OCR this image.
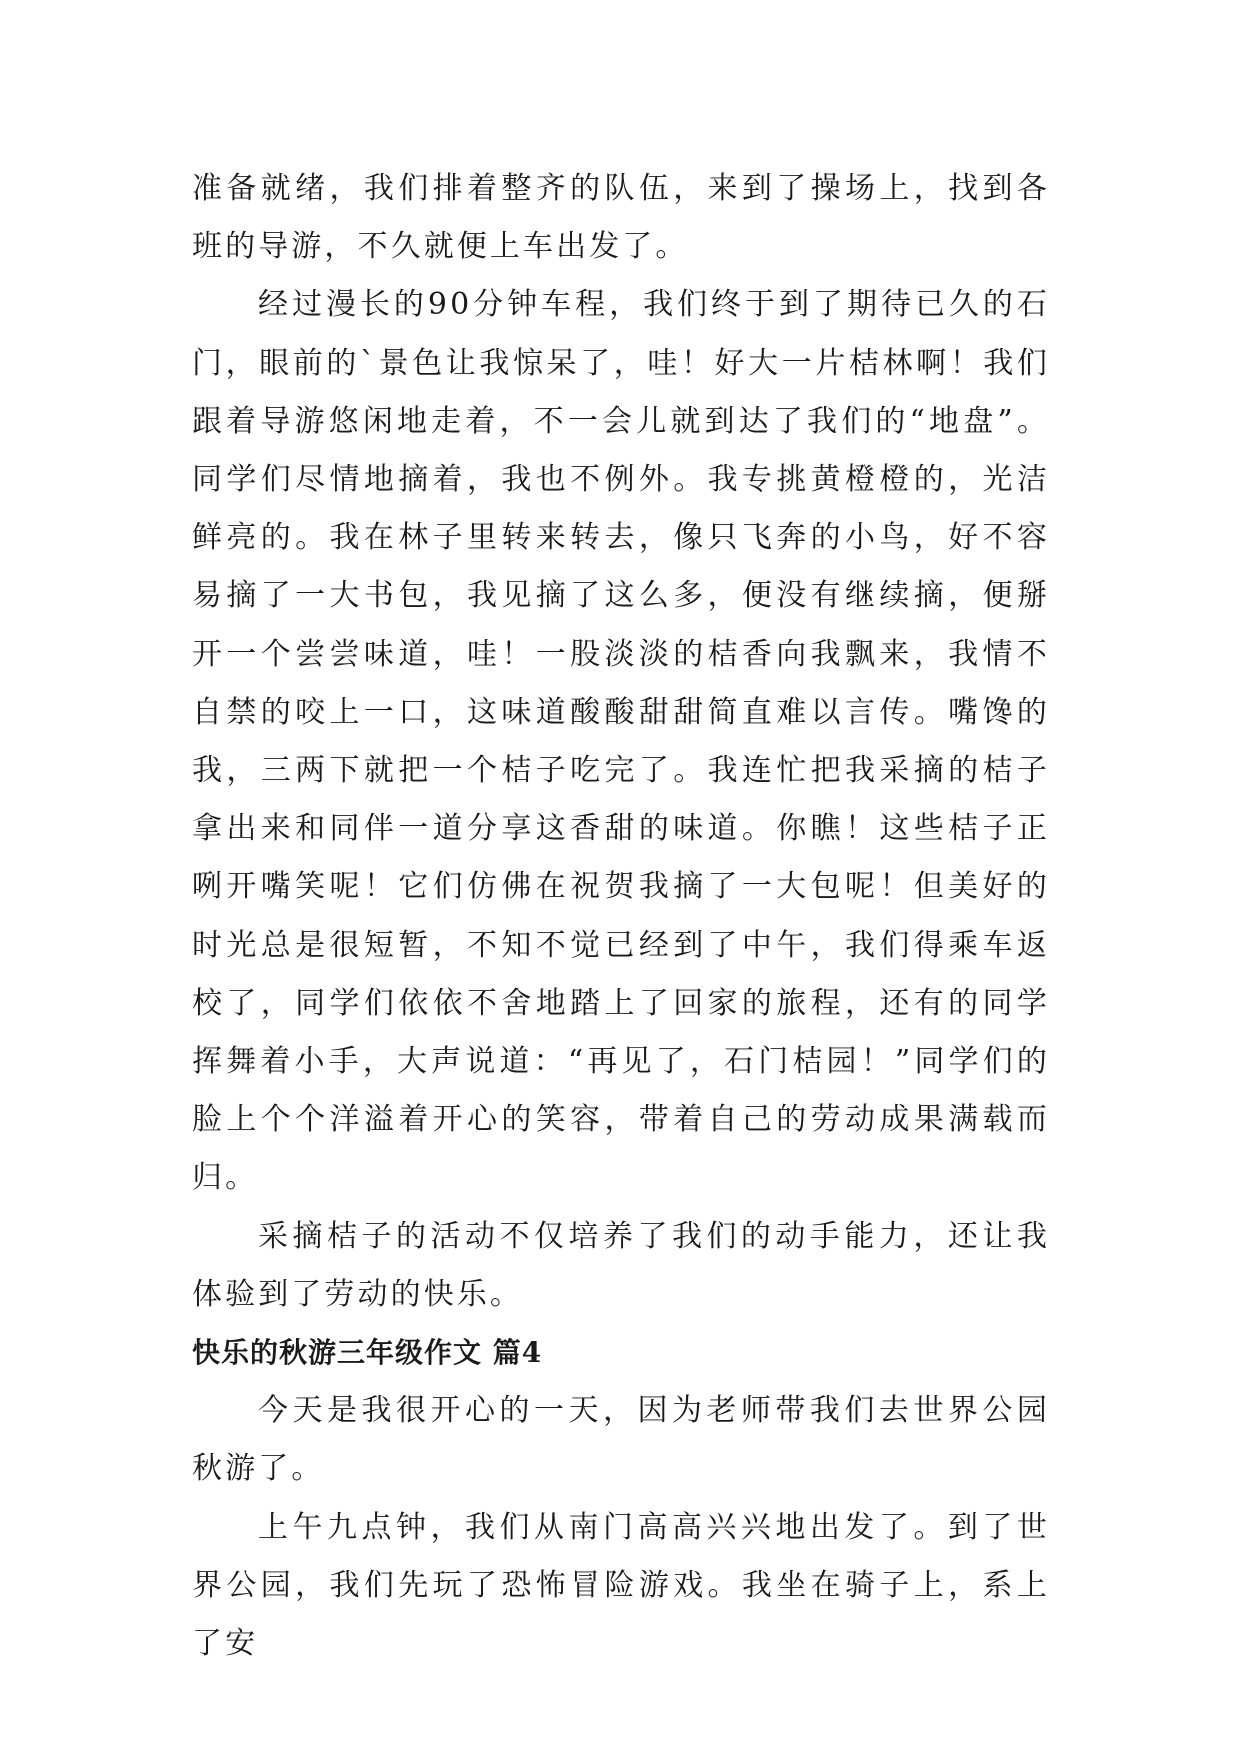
准备就绪，我们排着整齐的队伍，来到了操场上，找到各班的导游，不久就便上车出发了。

经过漫长的90分钟车程，我们终于到了期待已久的石门，眼前的`景色让我惊呆了，哇！好大一片桔林啊！我们跟着导游悠闲地走着，不一会儿就到达了我们的“地盘”。同学们尽情地摘着，我也不例外。我专挑黄橙橙的，光洁鲜亮的。我在林子里转来转去，像只飞奔的小鸟，好不容易摘了一大书包，我见摘了这么多，便没有继续摘，便掰开一个尝尝味道，哇！一股淡淡的桔香向我飘来，我情不自禁的咬上一口，这味道酸酸甜甜简直难以言传。嘴馋的我，三两下就把一个桔子吃完了。我连忙把我采摘的桔子拿出来和同伴一道分享这香甜的味道。你瞧！这些桔子正咧开嘴笑呢！它们仿佛在祝贺我摘了一大包呢！但美好的时光总是很短暂，不知不觉已经到了中午，我们得乘车返校了，同学们依依不舍地踏上了回家的旅程，还有的同学挥舞着小手，大声说道：“再见了，石门桔园！”同学们的脸上个个洋溢着开心的笑容，带着自己的劳动成果满载而归。

采摘桔子的活动不仅培养了我们的动手能力，还让我体验到了劳动的快乐。

快乐的秋游三年级作文 篇4

今天是我很开心的一天，因为老师带我们去世界公园秋游了。

上午九点钟，我们从南门高高兴兴地出发了。到了世界公园，我们先玩了恐怖冒险游戏。我坐在骑子上，系上了安
